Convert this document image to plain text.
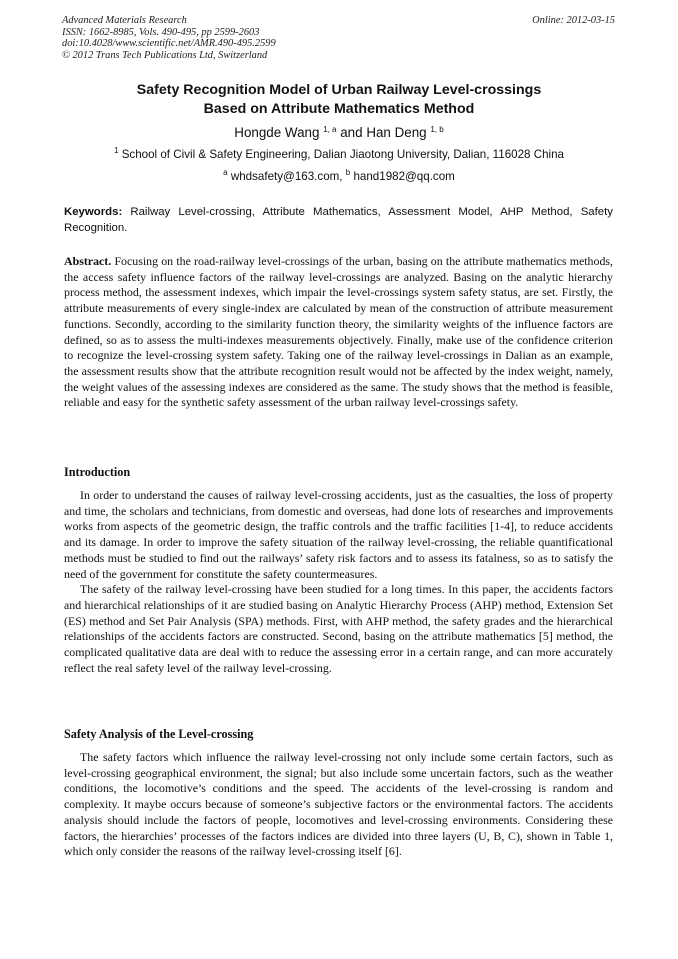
Advanced Materials Research
ISSN: 1662-8985, Vols. 490-495, pp 2599-2603
doi:10.4028/www.scientific.net/AMR.490-495.2599
© 2012 Trans Tech Publications Ltd, Switzerland
Online: 2012-03-15
Safety Recognition Model of Urban Railway Level-crossings
Based on Attribute Mathematics Method
Hongde Wang $^{1, a}$ and Han Deng $^{1, b}$
$^1$ School of Civil & Safety Engineering, Dalian Jiaotong University, Dalian, 116028 China
$^a$ whdsafety@163.com, $^b$ hand1982@qq.com
Keywords: Railway Level-crossing, Attribute Mathematics, Assessment Model, AHP Method, Safety Recognition.
Abstract. Focusing on the road-railway level-crossings of the urban, basing on the attribute mathematics methods, the access safety influence factors of the railway level-crossings are analyzed. Basing on the analytic hierarchy process method, the assessment indexes, which impair the level-crossings system safety status, are set. Firstly, the attribute measurements of every single-index are calculated by mean of the construction of attribute measurement functions. Secondly, according to the similarity function theory, the similarity weights of the influence factors are defined, so as to assess the multi-indexes measurements objectively. Finally, make use of the confidence criterion to recognize the level-crossing system safety. Taking one of the railway level-crossings in Dalian as an example, the assessment results show that the attribute recognition result would not be affected by the index weight, namely, the weight values of the assessing indexes are considered as the same. The study shows that the method is feasible, reliable and easy for the synthetic safety assessment of the urban railway level-crossings safety.
Introduction

In order to understand the causes of railway level-crossing accidents, just as the casualties, the loss of property and time, the scholars and technicians, from domestic and overseas, had done lots of researches and improvements works from aspects of the geometric design, the traffic controls and the traffic facilities [1-4], to reduce accidents and its damage. In order to improve the safety situation of the railway level-crossing, the reliable quantificational methods must be studied to find out the railways’ safety risk factors and to assess its fatalness, so as to satisfy the need of the government for constitute the safety countermeasures.

The safety of the railway level-crossing have been studied for a long times. In this paper, the accidents factors and hierarchical relationships of it are studied basing on Analytic Hierarchy Process (AHP) method, Extension Set (ES) method and Set Pair Analysis (SPA) methods. First, with AHP method, the safety grades and the hierarchical relationships of the accidents factors are constructed. Second, basing on the attribute mathematics [5] method, the complicated qualitative data are deal with to reduce the assessing error in a certain range, and can more accurately reflect the real safety level of the railway level-crossing.

Safety Analysis of the Level-crossing

The safety factors which influence the railway level-crossing not only include some certain factors, such as level-crossing geographical environment, the signal; but also include some uncertain factors, such as the weather conditions, the locomotive’s conditions and the speed. The accidents of the level-crossing is random and complexity. It maybe occurs because of someone’s subjective factors or the environmental factors. The accidents analysis should include the factors of people, locomotives and level-crossing environments. Considering these factors, the hierarchies’ processes of the factors indices are divided into three layers (U, B, C), shown in Table 1, which only consider the reasons of the railway level-crossing itself [6].
